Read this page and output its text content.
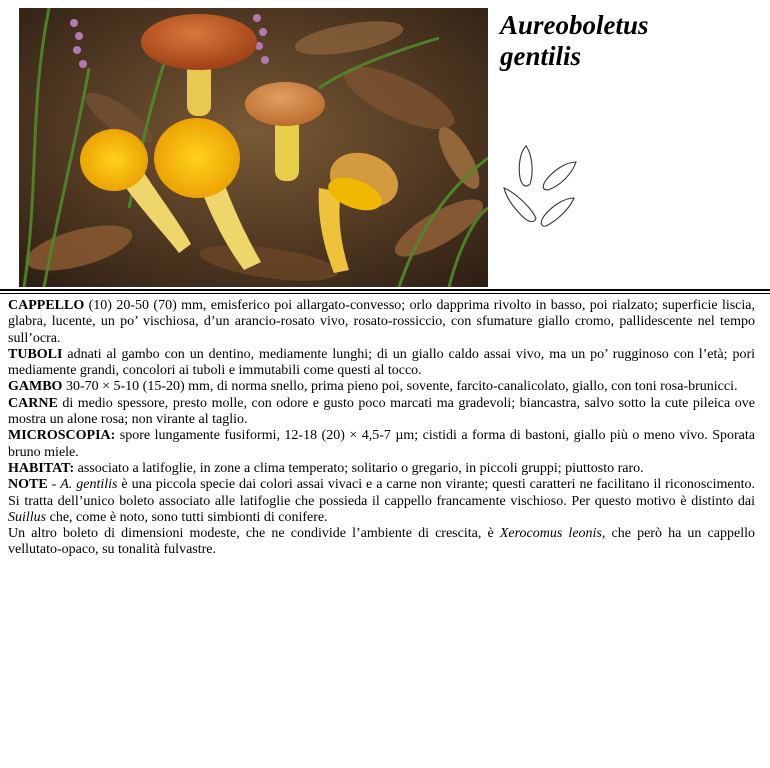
Aureoboletus
gentilis

CAPPELLO (10) 20-50 (70) mm, emisferico poi allargato-convesso; orlo dapprima rivolto in basso, poi rialzato; superficie liscia, glabra, lucente, un po’ vischiosa, d’un arancio-rosato vivo, rosato-rossiccio, con sfumature giallo cromo, pallidescente nel tempo sull’ocra.

TUBOLI adnati al gambo con un dentino, mediamente lunghi; di un giallo caldo assai vivo, ma un po’ rugginoso con l’età; pori mediamente grandi, concolori ai tuboli e immutabili come questi al tocco.

GAMBO 30-70 × 5-10 (15-20) mm, di norma snello, prima pieno poi, sovente, farcito-canalicolato, giallo, con toni rosa-brunicci.

CARNE di medio spessore, presto molle, con odore e gusto poco marcati ma gradevoli; biancastra, salvo sotto la cute pileica ove mostra un alone rosa; non virante al taglio.

MICROSCOPIA: spore lungamente fusiformi, 12-18 (20) × 4,5-7 µm; cistidi a forma di bastoni, giallo più o meno vivo. Sporata bruno miele.

HABITAT: associato a latifoglie, in zone a clima temperato; solitario o gregario, in piccoli gruppi; piuttosto raro.

NOTE - A. gentilis è una piccola specie dai colori assai vivaci e a carne non virante; questi caratteri ne facilitano il riconoscimento. Si tratta dell’unico boleto associato alle latifoglie che possieda il cappello francamente vischioso. Per questo motivo è distinto dai Suillus che, come è noto, sono tutti simbionti di conifere.

Un altro boleto di dimensioni modeste, che ne condivide l’ambiente di crescita, è Xerocomus leonis, che però ha un cappello vellutato-opaco, su tonalità fulvastre.
